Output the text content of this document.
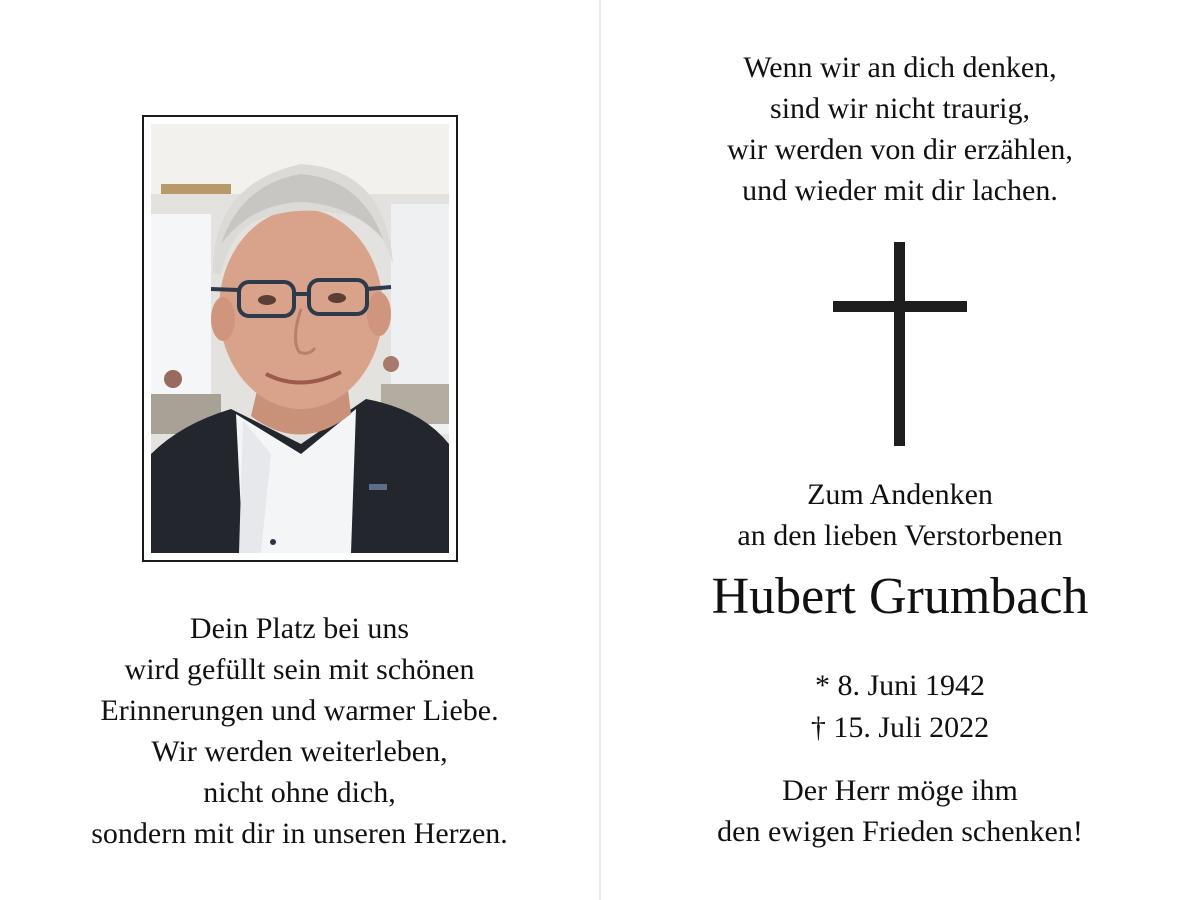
Dein Platz bei uns
wird gefüllt sein mit schönen
Erinnerungen und warmer Liebe.
Wir werden weiterleben,
nicht ohne dich,
sondern mit dir in unseren Herzen.
Wenn wir an dich denken,
sind wir nicht traurig,
wir werden von dir erzählen,
und wieder mit dir lachen.
Zum Andenken
an den lieben Verstorbenen
Hubert Grumbach
* 8. Juni 1942
† 15. Juli 2022
Der Herr möge ihm
den ewigen Frieden schenken!
